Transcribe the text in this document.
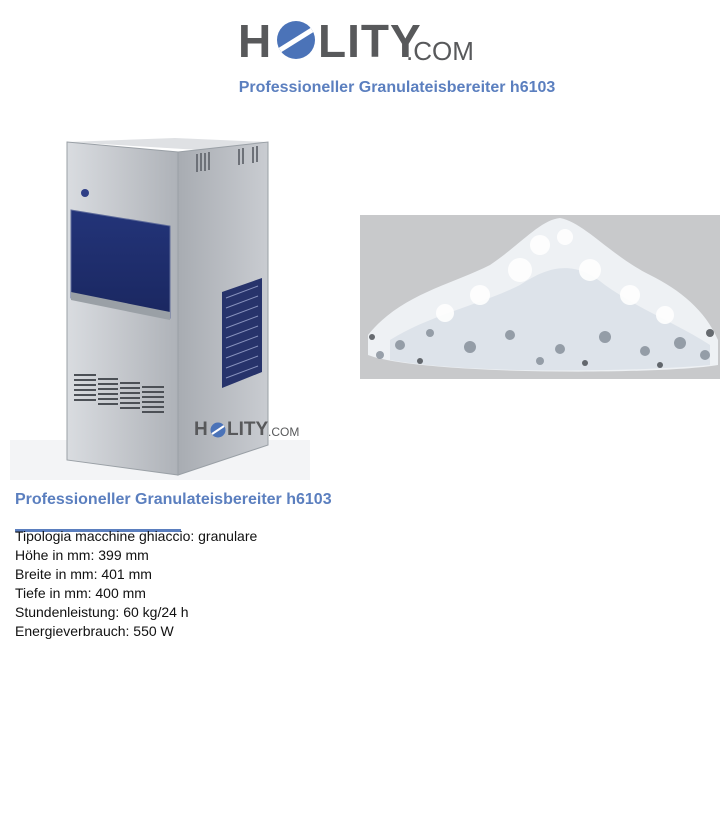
H LITY
.COM
Professioneller Granulateisbereiter h6103
H LITY .COM
Professioneller Granulateisbereiter h6103
Tipologia macchine ghiaccio: granulare
Höhe in mm: 399 mm
Breite in mm: 401 mm
Tiefe in mm: 400 mm
Stundenleistung: 60 kg/24 h
Energieverbrauch: 550 W
